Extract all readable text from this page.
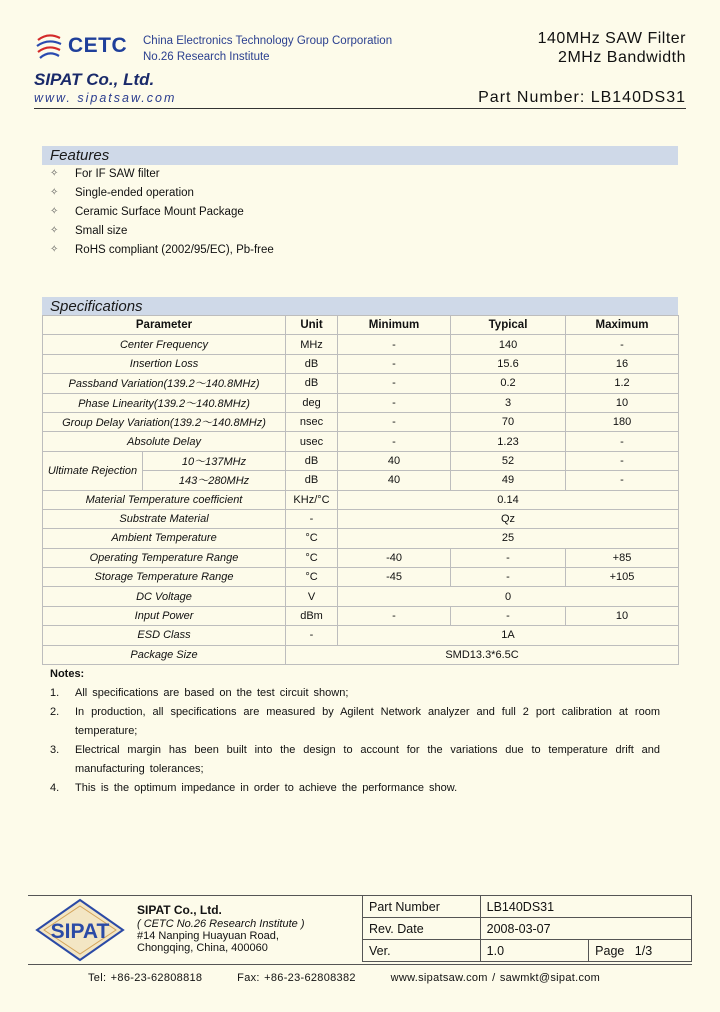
CETC China Electronics Technology Group Corporation
No.26 Research Institute
140MHz SAW Filter
2MHz Bandwidth
SIPAT Co., Ltd.
www. sipatsaw.com	Part Number: LB140DS31
Features
✧	For IF SAW filter
✧	Single-ended operation
✧	Ceramic Surface Mount Package
✧	Small size
✧	RoHS compliant (2002/95/EC), Pb-free
Specifications
Parameter		Unit	Minimum	Typical	Maximum
Center Frequency		MHz	-	140	-
Insertion Loss		dB	-	15.6	16
Passband Variation(139.2～140.8MHz)		dB	-	0.2	1.2
Phase Linearity(139.2～140.8MHz)		deg	-	3	10
Group Delay Variation(139.2～140.8MHz)		nsec	-	70	180
Absolute Delay		usec	-	1.23	-
Ultimate Rejection	10～137MHz	dB	40	52	-
	143～280MHz	dB	40	49	-
Material Temperature coefficient		KHz/°C	0.14		
Substrate Material		-	Qz		
Ambient Temperature		°C	25		
Operating Temperature Range		°C	-40	-	+85
Storage Temperature Range		°C	-45	-	+105
DC Voltage		V	0		
Input Power		dBm	-	-	10
ESD Class		-	1A		
Package Size		SMD13.3*6.5C			
Notes:
1.	All specifications are based on the test circuit shown;
2.	In production, all specifications are measured by Agilent Network analyzer and full 2 port calibration at room temperature;
3.	Electrical margin has been built into the design to account for the variations due to temperature drift and manufacturing tolerances;
4.	This is the optimum impedance in order to achieve the performance show.
SIPAT
SIPAT Co., Ltd.
( CETC No.26 Research Institute )
#14 Nanping Huayuan Road,
Chongqing, China, 400060
Part Number	LB140DS31	
Rev. Date	2008-03-07	
Ver.	1.0	Page 1/3
Tel: +86-23-62808818        Fax: +86-23-62808382        www.sipatsaw.com / sawmkt@sipat.com
